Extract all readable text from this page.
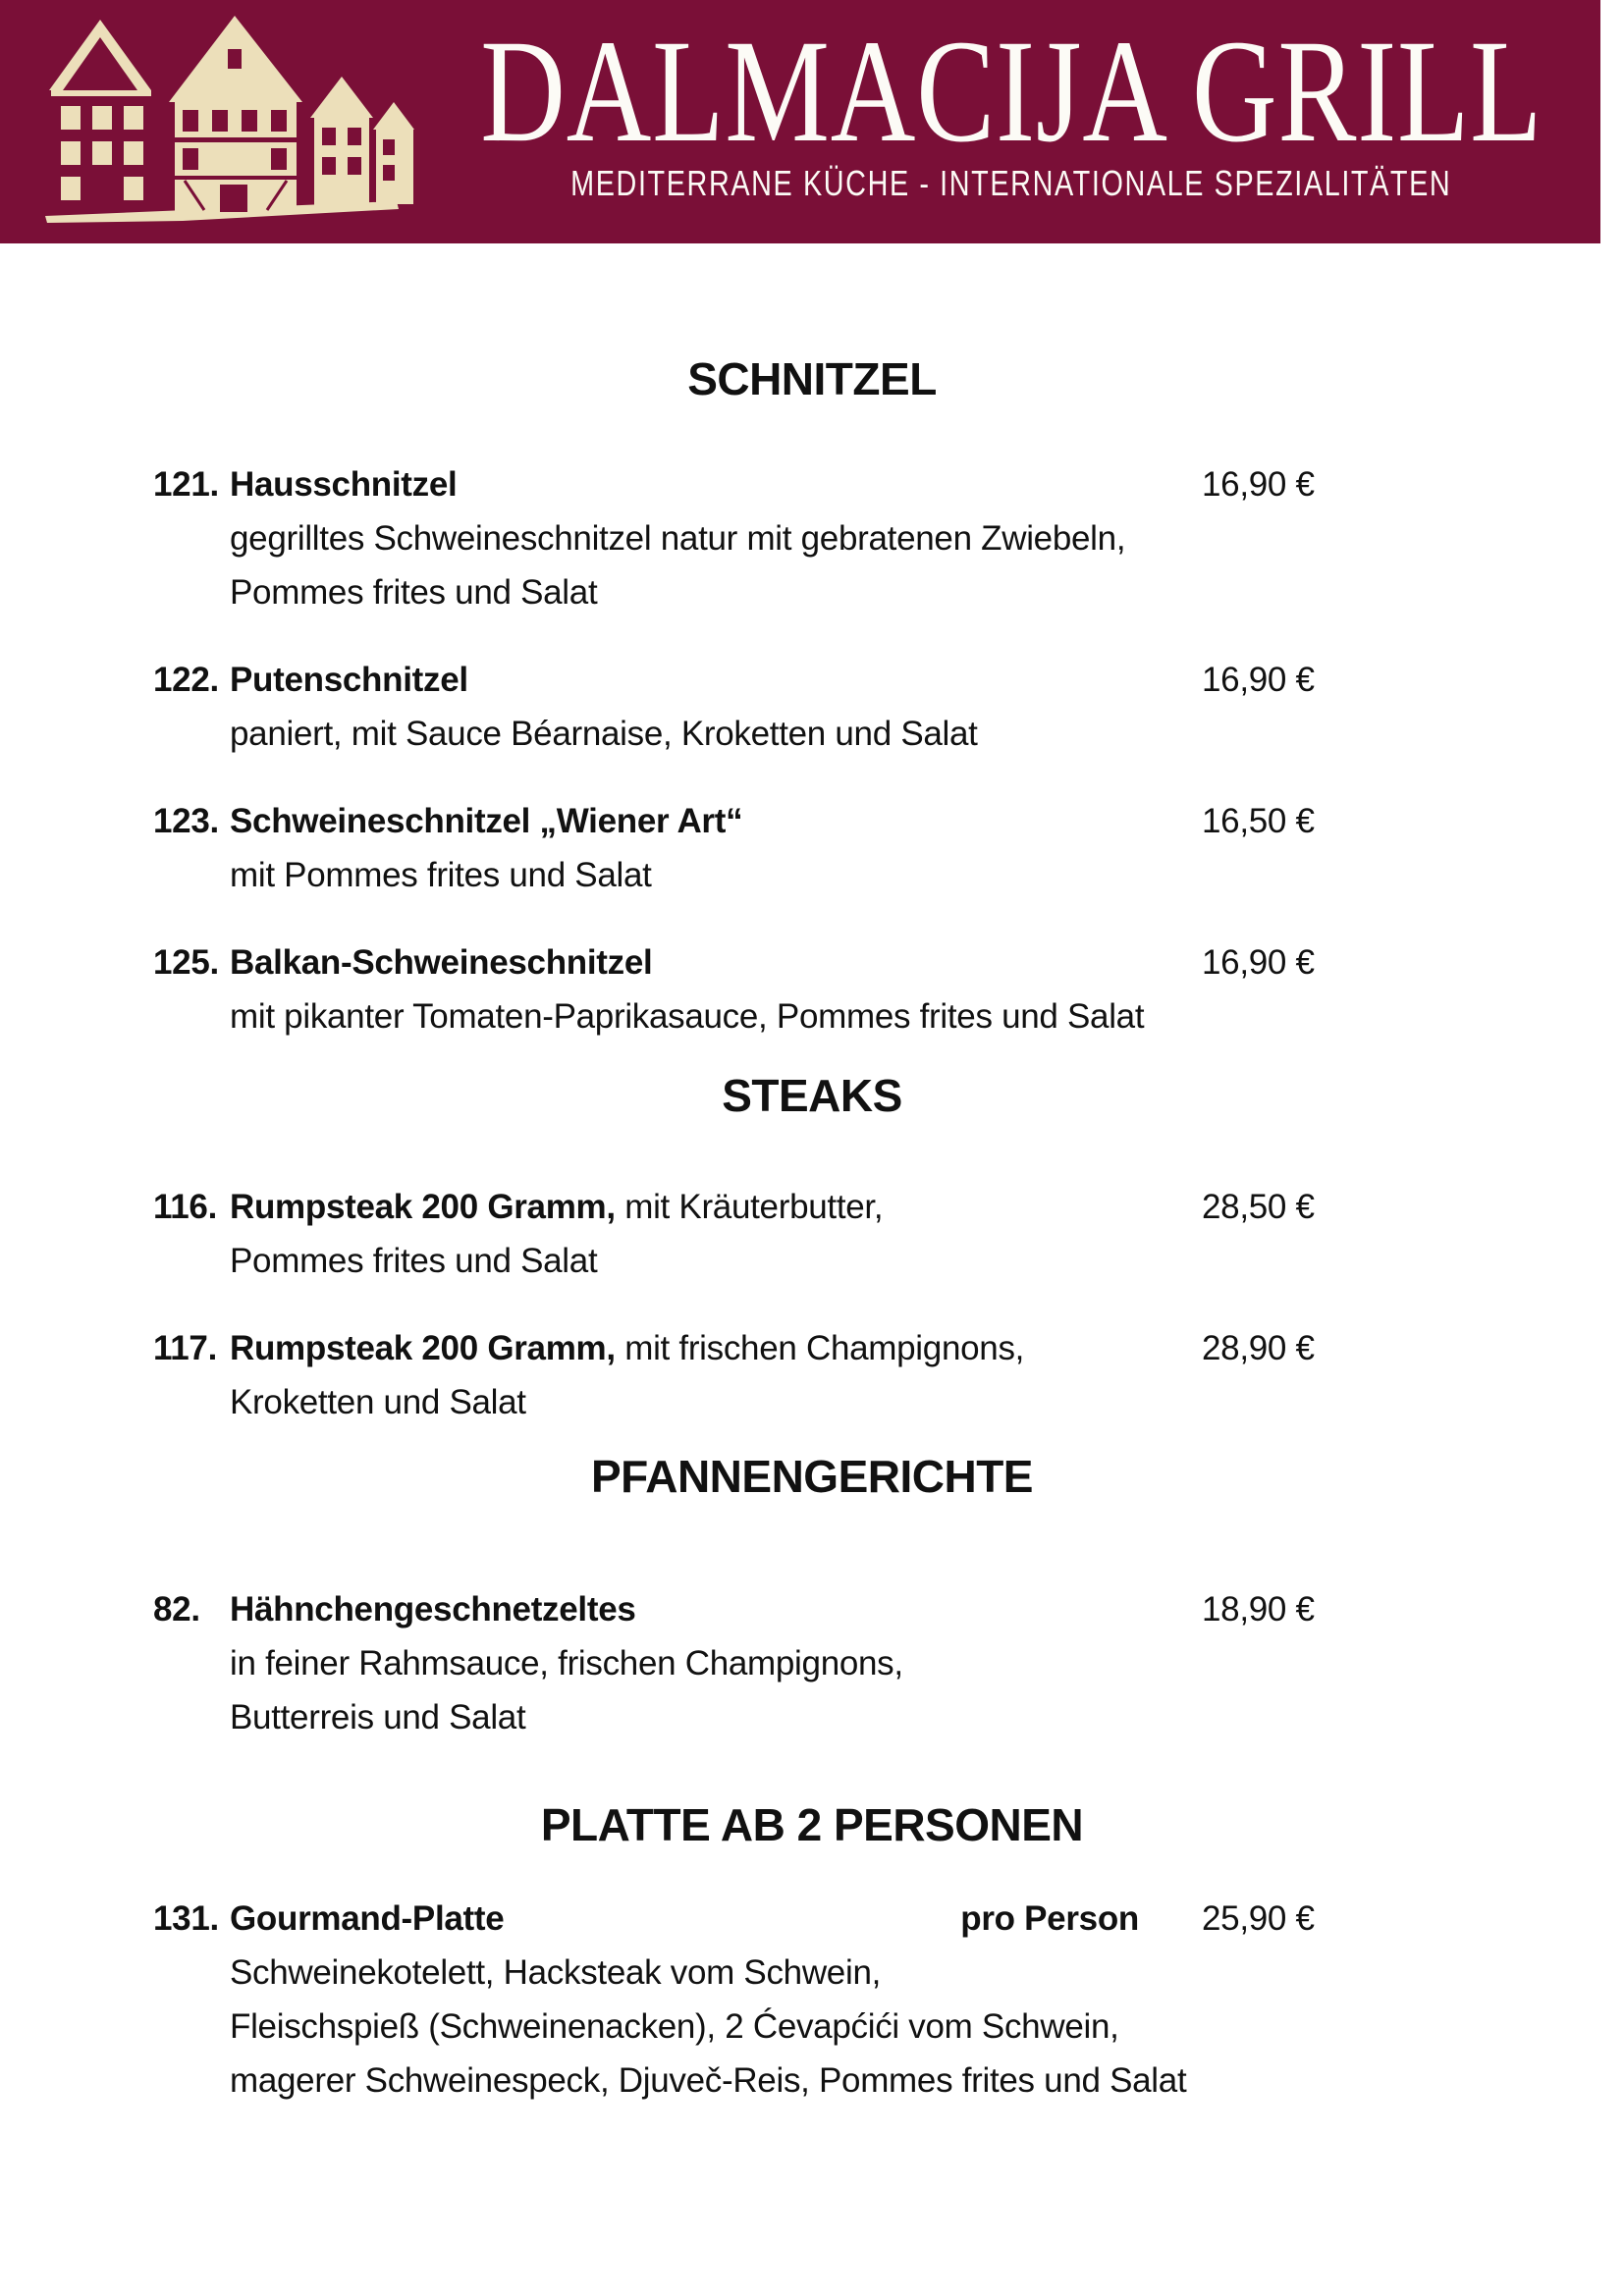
DALMACIJA GRILL
MEDITERRANE KÜCHE - INTERNATIONALE SPEZIALITÄTEN
SCHNITZEL
121. Hausschnitzel	16,90 €
gegrilltes Schweineschnitzel natur mit gebratenen Zwiebeln,
Pommes frites und Salat
122. Putenschnitzel	16,90 €
paniert, mit Sauce Béarnaise, Kroketten und Salat
123. Schweineschnitzel „Wiener Art“	16,50 €
mit Pommes frites und Salat
125. Balkan-Schweineschnitzel	16,90 €
mit pikanter Tomaten-Paprikasauce, Pommes frites und Salat
STEAKS
116. Rumpsteak 200 Gramm, mit Kräuterbutter,	28,50 €
Pommes frites und Salat
117. Rumpsteak 200 Gramm, mit frischen Champignons,	28,90 €
Kroketten und Salat
PFANNENGERICHTE
82. Hähnchengeschnetzeltes	18,90 €
in feiner Rahmsauce, frischen Champignons,
Butterreis und Salat
PLATTE AB 2 PERSONEN
131. Gourmand-Platte	pro Person 25,90 €
Schweinekotelett, Hacksteak vom Schwein,
Fleischspieß (Schweinenacken), 2 Ćevapćići vom Schwein,
magerer Schweinespeck, Djuveč-Reis, Pommes frites und Salat
